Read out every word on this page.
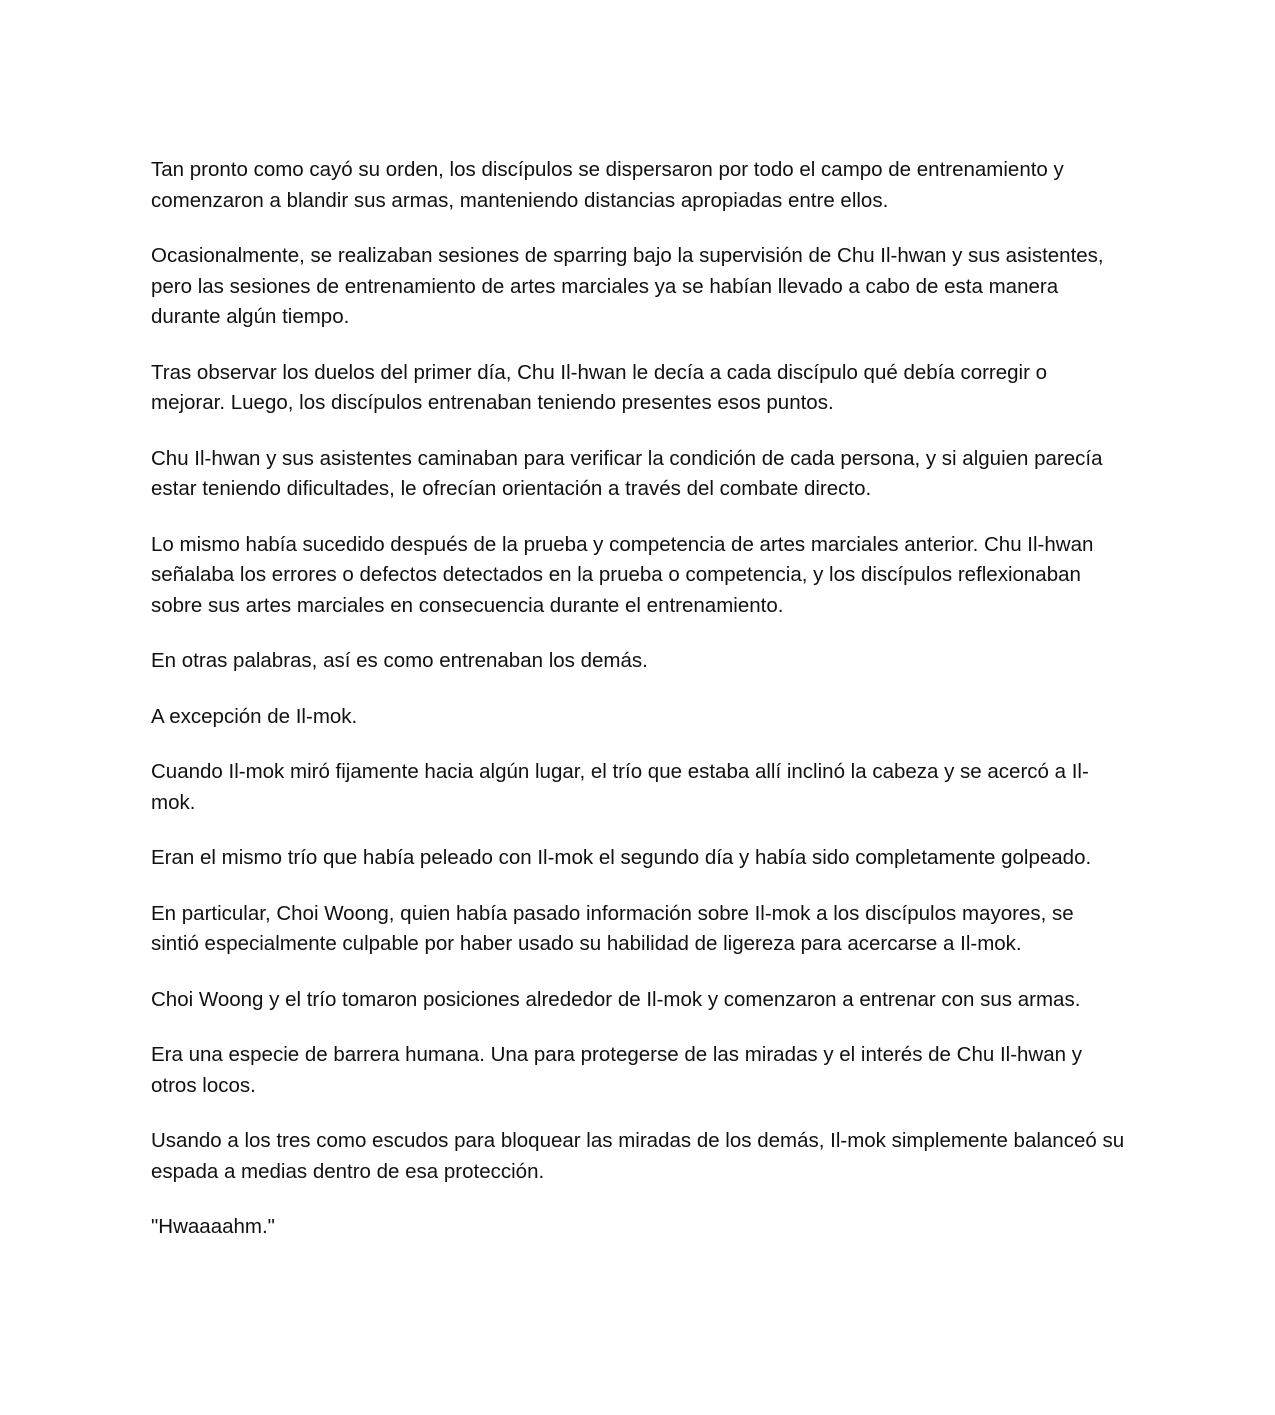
Tan pronto como cayó su orden, los discípulos se dispersaron por todo el campo de entrenamiento y comenzaron a blandir sus armas, manteniendo distancias apropiadas entre ellos.

Ocasionalmente, se realizaban sesiones de sparring bajo la supervisión de Chu Il-hwan y sus asistentes, pero las sesiones de entrenamiento de artes marciales ya se habían llevado a cabo de esta manera durante algún tiempo.

Tras observar los duelos del primer día, Chu Il-hwan le decía a cada discípulo qué debía corregir o mejorar. Luego, los discípulos entrenaban teniendo presentes esos puntos.

Chu Il-hwan y sus asistentes caminaban para verificar la condición de cada persona, y si alguien parecía estar teniendo dificultades, le ofrecían orientación a través del combate directo.

Lo mismo había sucedido después de la prueba y competencia de artes marciales anterior. Chu Il-hwan señalaba los errores o defectos detectados en la prueba o competencia, y los discípulos reflexionaban sobre sus artes marciales en consecuencia durante el entrenamiento.

En otras palabras, así es como entrenaban los demás.

A excepción de Il-mok.

Cuando Il-mok miró fijamente hacia algún lugar, el trío que estaba allí inclinó la cabeza y se acercó a Il-mok.

Eran el mismo trío que había peleado con Il-mok el segundo día y había sido completamente golpeado.

En particular, Choi Woong, quien había pasado información sobre Il-mok a los discípulos mayores, se sintió especialmente culpable por haber usado su habilidad de ligereza para acercarse a Il-mok.

Choi Woong y el trío tomaron posiciones alrededor de Il-mok y comenzaron a entrenar con sus armas.

Era una especie de barrera humana. Una para protegerse de las miradas y el interés de Chu Il-hwan y otros locos.

Usando a los tres como escudos para bloquear las miradas de los demás, Il-mok simplemente balanceó su espada a medias dentro de esa protección.

"Hwaaaahm."
